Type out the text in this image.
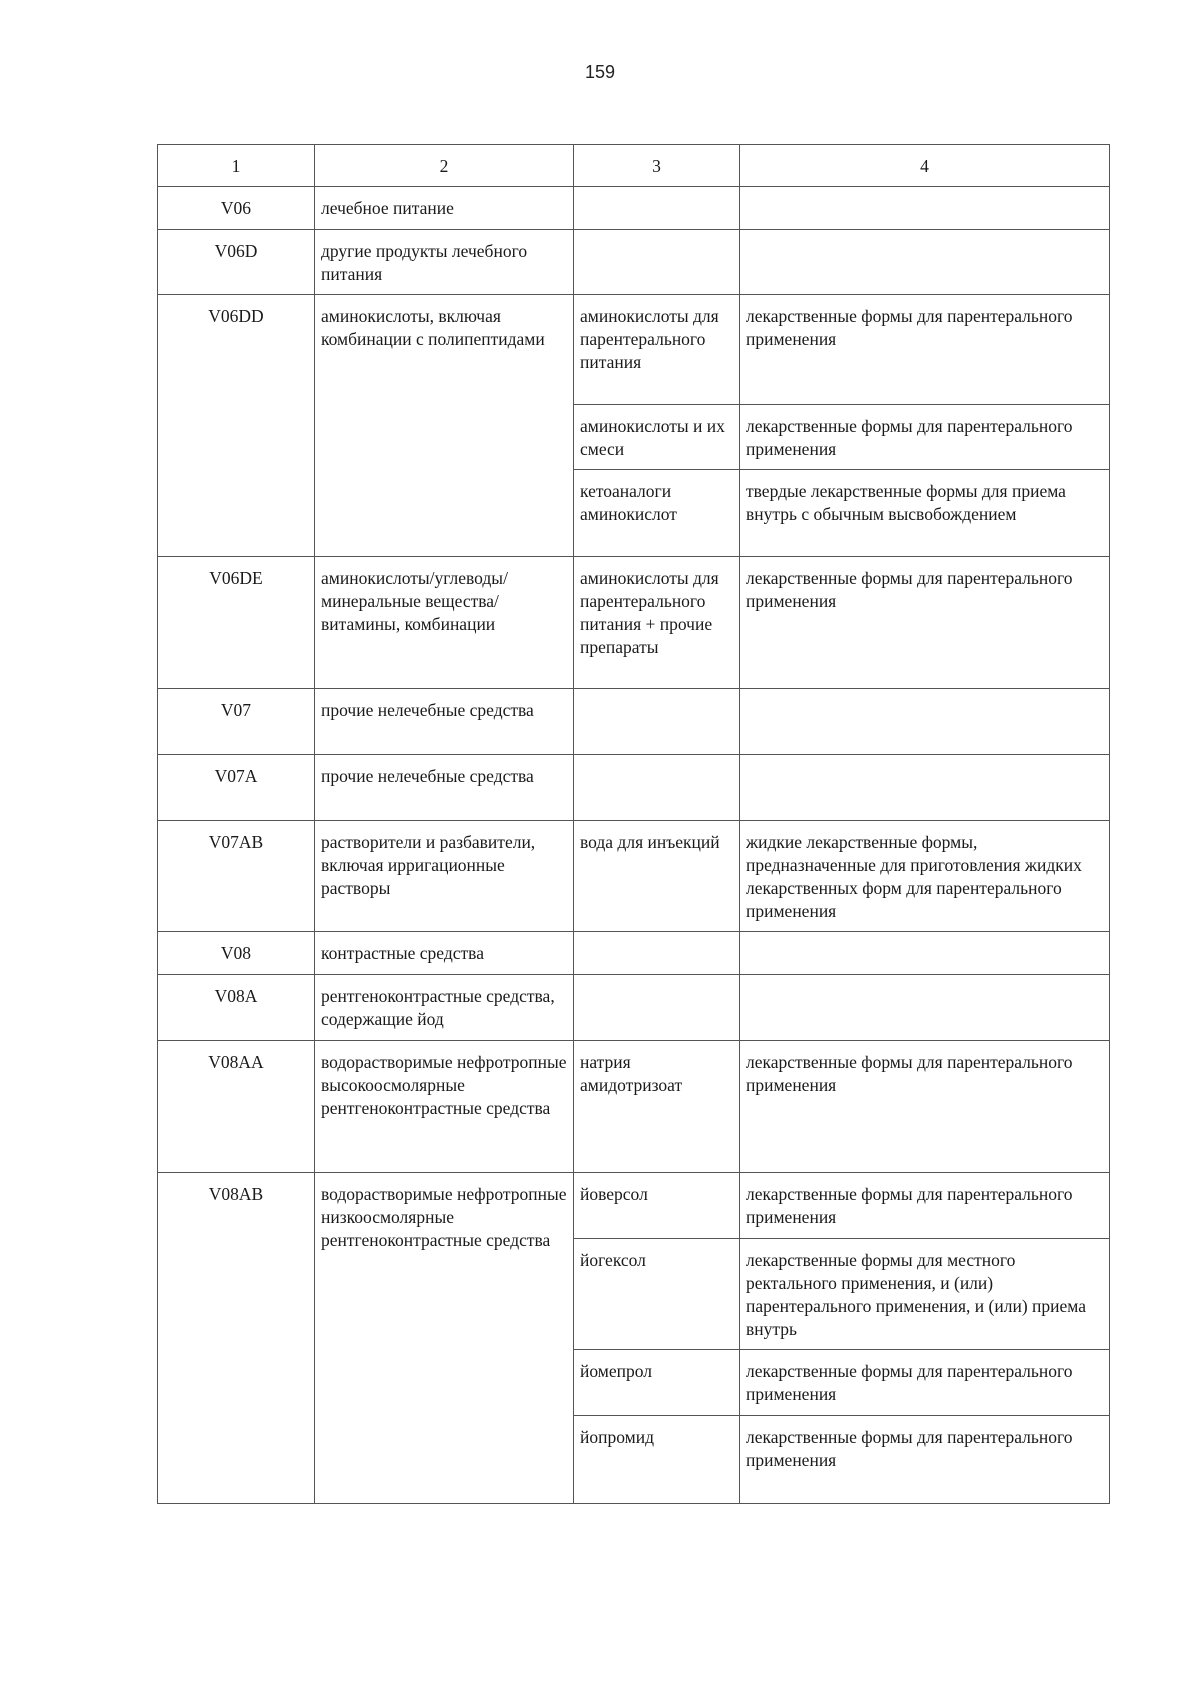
159
1	2	3	4
V06	лечебное питание		
V06D	другие продукты лечебного питания		
V06DD	аминокислоты, включая комбинации с полипептидами	аминокислоты для парентерального питания	лекарственные формы для парентерального применения
		аминокислоты и их смеси	лекарственные формы для парентерального применения
		кетоаналоги аминокислот	твердые лекарственные формы для приема внутрь с обычным высвобождением
V06DE	аминокислоты/углеводы/минеральные вещества/витамины, комбинации	аминокислоты для парентерального питания + прочие препараты	лекарственные формы для парентерального применения
V07	прочие нелечебные средства		
V07A	прочие нелечебные средства		
V07AB	растворители и разбавители, включая ирригационные растворы	вода для инъекций	жидкие лекарственные формы, предназначенные для приготовления жидких лекарственных форм для парентерального применения
V08	контрастные средства		
V08A	рентгеноконтрастные средства, содержащие йод		
V08AA	водорастворимые нефротропные высокоосмолярные рентгеноконтрастные средства	натрия амидотризоат	лекарственные формы для парентерального применения
V08AB	водорастворимые нефротропные низкоосмолярные рентгеноконтрастные средства	йоверсол	лекарственные формы для парентерального применения
		йогексол	лекарственные формы для местного ректального применения, и (или) парентерального применения, и (или) приема внутрь
		йомепрол	лекарственные формы для парентерального применения
		йопромид	лекарственные формы для парентерального применения
